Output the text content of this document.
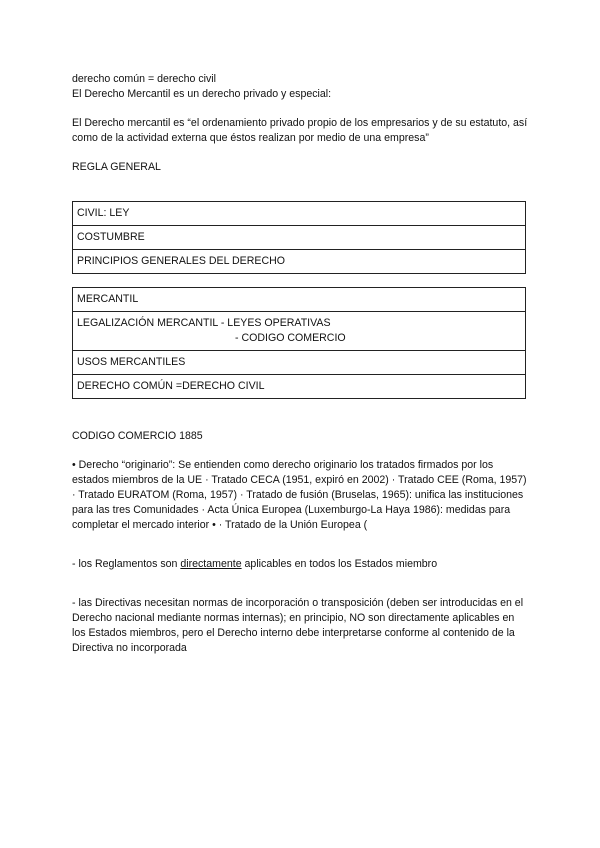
derecho común = derecho civil

El Derecho Mercantil es un derecho privado y especial:

El Derecho mercantil es “el ordenamiento privado propio de los empresarios y de su estatuto, así como de la actividad externa que éstos realizan por medio de una empresa”

REGLA GENERAL

CIVIL: LEY
COSTUMBRE
PRINCIPIOS GENERALES DEL DERECHO
MERCANTIL

LEGALIZACIÓN MERCANTIL - LEYES OPERATIVAS
- CODIGO COMERCIO

USOS MERCANTILES
DERECHO COMÚN =DERECHO CIVIL

CODIGO COMERCIO 1885

• Derecho “originario”: Se entienden como derecho originario los tratados firmados por los estados miembros de la UE · Tratado CECA (1951, expiró en 2002) · Tratado CEE (Roma, 1957) · Tratado EURATOM (Roma, 1957) · Tratado de fusión (Bruselas, 1965): unifica las instituciones para las tres Comunidades · Acta Única Europea (Luxemburgo-La Haya 1986): medidas para completar el mercado interior • · Tratado de la Unión Europea (

- los Reglamentos son directamente aplicables en todos los Estados miembro

- las Directivas necesitan normas de incorporación o transposición (deben ser introducidas en el Derecho nacional mediante normas internas); en principio, NO son directamente aplicables en los Estados miembros, pero el Derecho interno debe interpretarse conforme al contenido de la Directiva no incorporada
